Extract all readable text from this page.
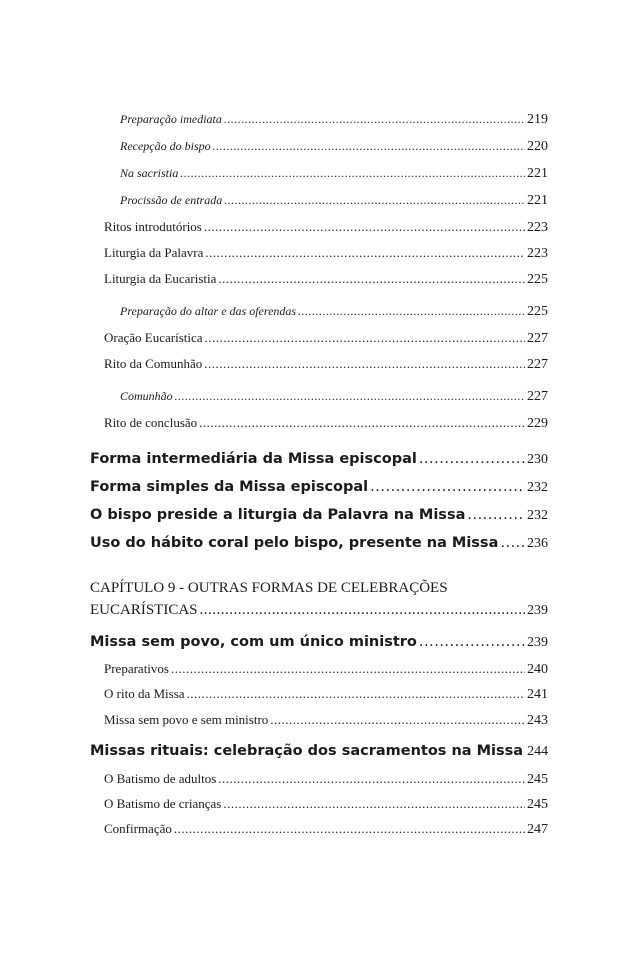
Preparação imediata .....	219
Recepção do bispo .....	220
Na sacristia .....	221
Procissão de entrada .....	221
Ritos introdutórios .....	223
Liturgia da Palavra .....	223
Liturgia da Eucaristia .....	225
Preparação do altar e das oferendas .....	225
Oração Eucarística .....	227
Rito da Comunhão .....	227
Comunhão .....	227
Rito de conclusão .....	229
Forma intermediária da Missa episcopal .....	230
Forma simples da Missa episcopal .....	232
O bispo preside a liturgia da Palavra na Missa .....	232
Uso do hábito coral pelo bispo, presente na Missa ..... 236
CAPÍTULO 9 - OUTRAS FORMAS DE CELEBRAÇÕES
EUCARÍSTICAS .....	239
Missa sem povo, com um único ministro .....	239
Preparativos .....	240
O rito da Missa .....	241
Missa sem povo e sem ministro .....	243
Missas rituais: celebração dos sacramentos na Missa 244
O Batismo de adultos .....	245
O Batismo de crianças .....	245
Confirmação .....	247
